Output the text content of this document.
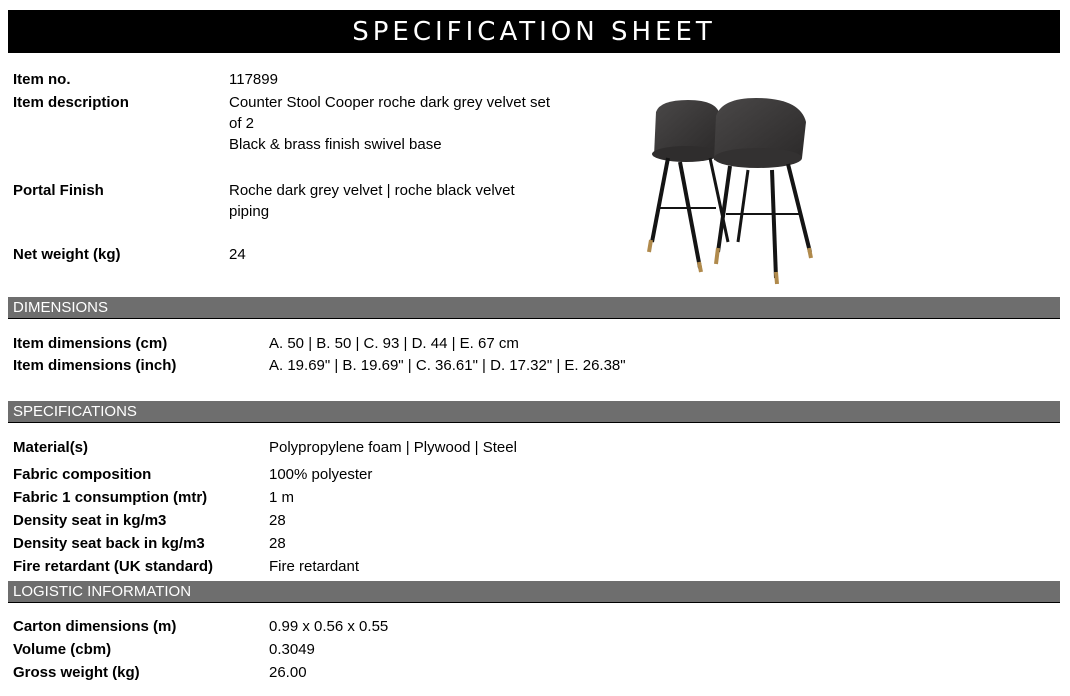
SPECIFICATION SHEET
Item no.	117899
Item description	Counter Stool Cooper roche dark grey velvet set
of 2
Black & brass finish swivel base
Portal Finish	Roche dark grey velvet | roche black velvet
piping
Net weight (kg)	24
DIMENSIONS
Item dimensions (cm)	A. 50 | B. 50 | C. 93 | D. 44 | E. 67 cm
Item dimensions (inch)	A. 19.69" | B. 19.69" | C. 36.61" | D. 17.32" | E. 26.38"
SPECIFICATIONS
Material(s)	Polypropylene foam | Plywood | Steel
Fabric composition	100% polyester
Fabric 1 consumption (mtr)	1 m
Density seat in kg/m3	28
Density seat back in kg/m3	28
Fire retardant (UK standard)	Fire retardant
LOGISTIC INFORMATION
Carton dimensions (m)	0.99 x 0.56 x 0.55
Volume (cbm)	0.3049
Gross weight (kg)	26.00
